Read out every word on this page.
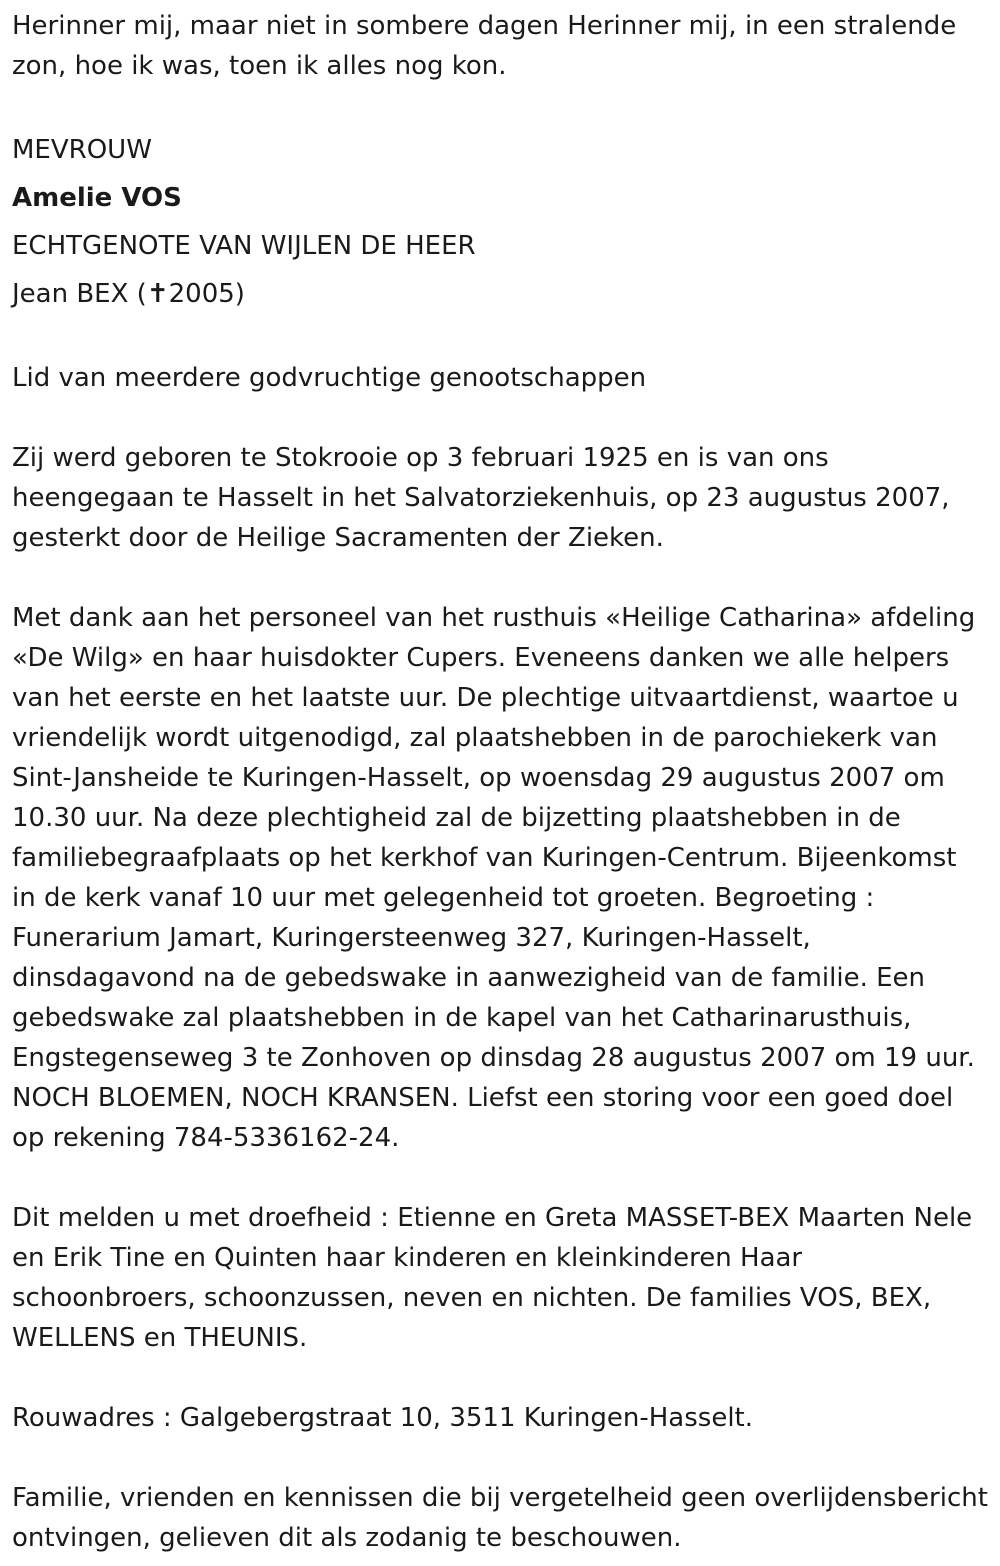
Herinner mij, maar niet in sombere dagen Herinner mij, in een stralende zon, hoe ik was, toen ik alles nog kon.

MEVROUW
Amelie VOS
ECHTGENOTE VAN WIJLEN DE HEER
Jean BEX (✝2005)

Lid van meerdere godvruchtige genootschappen

Zij werd geboren te Stokrooie op 3 februari 1925 en is van ons heengegaan te Hasselt in het Salvatorziekenhuis, op 23 augustus 2007, gesterkt door de Heilige Sacramenten der Zieken.

Met dank aan het personeel van het rusthuis «Heilige Catharina» afdeling «De Wilg» en haar huisdokter Cupers. Eveneens danken we alle helpers van het eerste en het laatste uur. De plechtige uitvaartdienst, waartoe u vriendelijk wordt uitgenodigd, zal plaatshebben in de parochiekerk van Sint-Jansheide te Kuringen-Hasselt, op woensdag 29 augustus 2007 om 10.30 uur. Na deze plechtigheid zal de bijzetting plaatshebben in de familiebegraafplaats op het kerkhof van Kuringen-Centrum. Bijeenkomst in de kerk vanaf 10 uur met gelegenheid tot groeten. Begroeting : Funerarium Jamart, Kuringersteenweg 327, Kuringen-Hasselt, dinsdagavond na de gebedswake in aanwezigheid van de familie. Een gebedswake zal plaatshebben in de kapel van het Catharinarusthuis, Engstegenseweg 3 te Zonhoven op dinsdag 28 augustus 2007 om 19 uur. NOCH BLOEMEN, NOCH KRANSEN. Liefst een storing voor een goed doel op rekening 784-5336162-24.

Dit melden u met droefheid : Etienne en Greta MASSET-BEX Maarten Nele en Erik Tine en Quinten haar kinderen en kleinkinderen Haar schoonbroers, schoonzussen, neven en nichten. De families VOS, BEX, WELLENS en THEUNIS.

Rouwadres : Galgebergstraat 10, 3511 Kuringen-Hasselt.

Familie, vrienden en kennissen die bij vergetelheid geen overlijdensbericht ontvingen, gelieven dit als zodanig te beschouwen.
